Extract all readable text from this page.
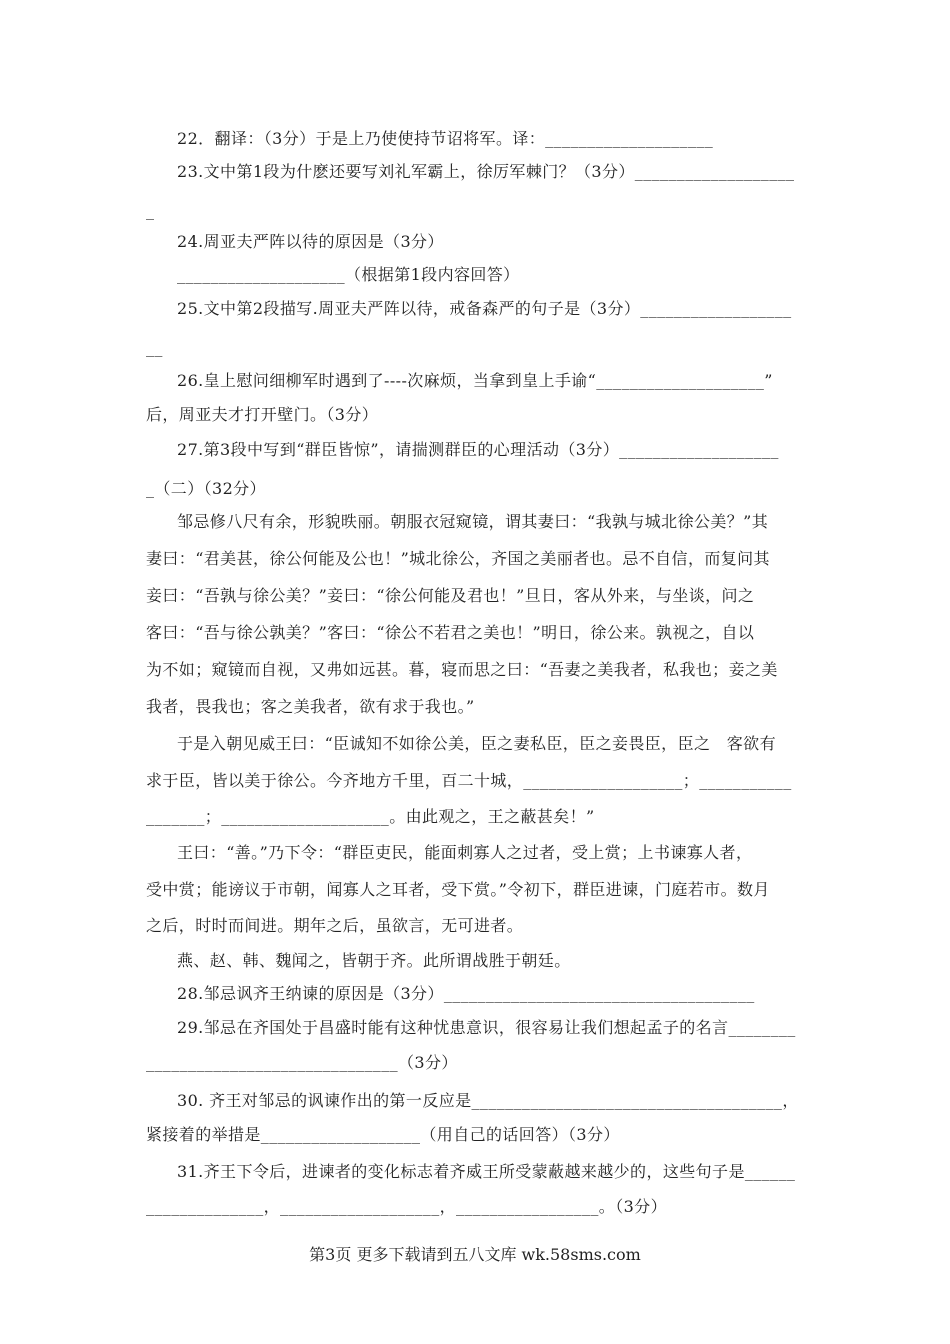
22．翻译：（3分）于是上乃使使持节诏将军。译：____________________
23.文中第1段为什麽还要写刘礼军霸上，徐厉军棘门？（3分）___________________
_
24.周亚夫严阵以待的原因是（3分）
____________________（根据第1段内容回答）
25.文中第2段描写.周亚夫严阵以待，戒备森严的句子是（3分）__________________
__
26.皇上慰问细柳军时遇到了----次麻烦，当拿到皇上手谕“____________________”
后，周亚夫才打开壁门。（3分）
27.第3段中写到“群臣皆惊”，请揣测群臣的心理活动（3分）___________________
_（二）（32分）
邹忌修八尺有余，形貌昳丽。朝服衣冠窥镜，谓其妻曰：“我孰与城北徐公美？”其
妻曰：“君美甚，徐公何能及公也！”城北徐公，齐国之美丽者也。忌不自信，而复问其
妾曰：“吾孰与徐公美？”妾曰：“徐公何能及君也！”旦日，客从外来，与坐谈，问之
客曰：“吾与徐公孰美？”客曰：“徐公不若君之美也！”明日，徐公来。孰视之，自以
为不如；窥镜而自视，又弗如远甚。暮，寝而思之曰：“吾妻之美我者，私我也；妾之美
我者，畏我也；客之美我者，欲有求于我也。”
于是入朝见威王曰：“臣诚知不如徐公美，臣之妻私臣，臣之妾畏臣，臣之　客欲有
求于臣，皆以美于徐公。今齐地方千里，百二十城，___________________；___________
_______；____________________。由此观之，王之蔽甚矣！”
王曰：“善。”乃下令：“群臣吏民，能面刺寡人之过者，受上赏；上书谏寡人者，
受中赏；能谤议于市朝，闻寡人之耳者，受下赏。”令初下，群臣进谏，门庭若市。数月
之后，时时而间进。期年之后，虽欲言，无可进者。
燕、赵、韩、魏闻之，皆朝于齐。此所谓战胜于朝廷。
28.邹忌讽齐王纳谏的原因是（3分）_____________________________________
29.邹忌在齐国处于昌盛时能有这种忧患意识，很容易让我们想起孟子的名言________
______________________________（3分）
30. 齐王对邹忌的讽谏作出的第一反应是_____________________________________，
紧接着的举措是___________________（用自己的话回答）（3分）
31.齐王下令后，进谏者的变化标志着齐威王所受蒙蔽越来越少的，这些句子是______
______________，___________________，_________________。（3分）
第3页 更多下载请到五八文库 wk.58sms.com
